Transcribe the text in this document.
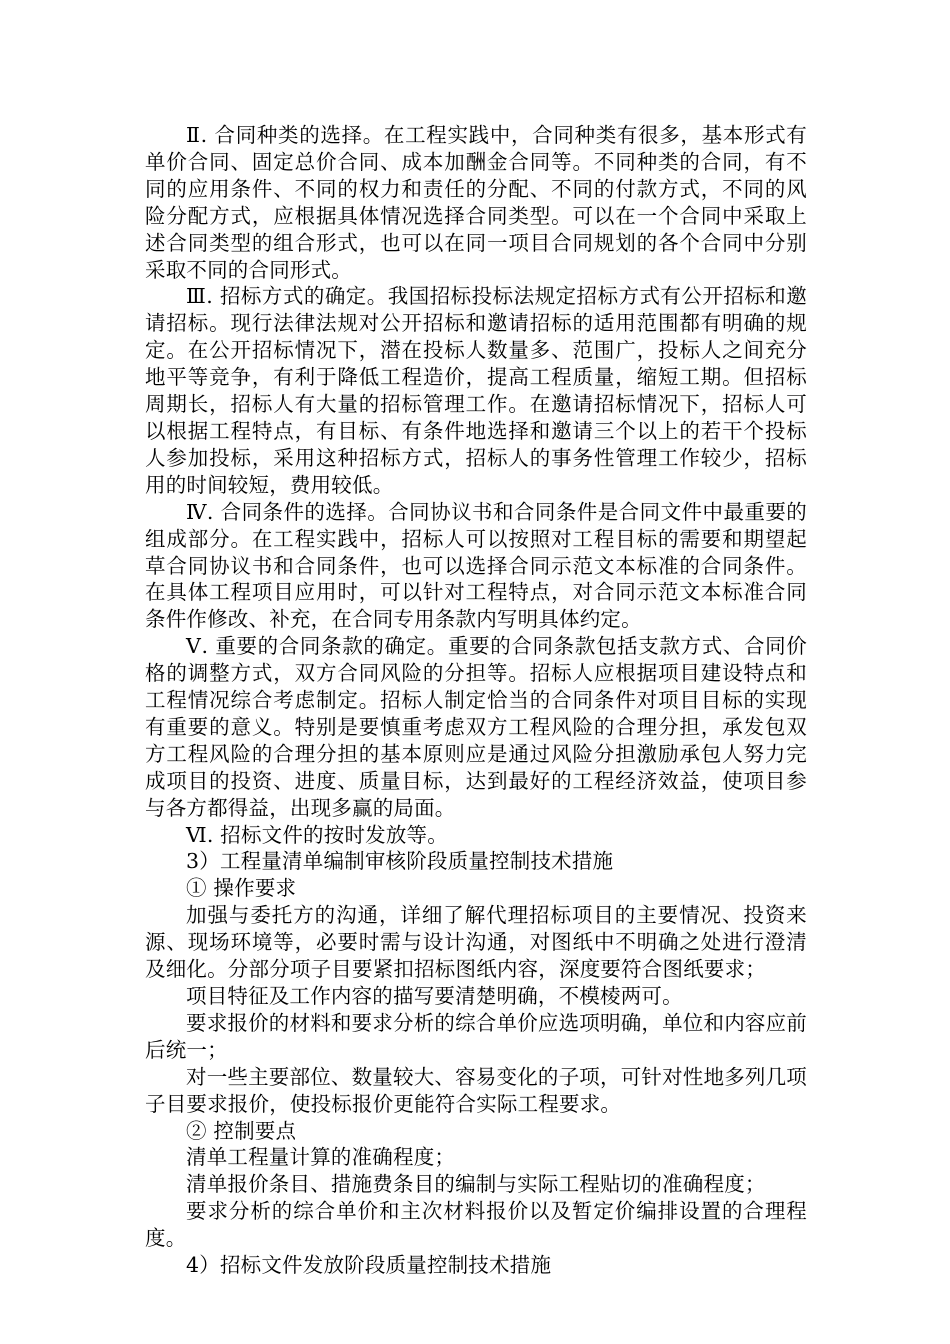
Ⅱ. 合同种类的选择。在工程实践中，合同种类有很多，基本形式有单价合同、固定总价合同、成本加酬金合同等。不同种类的合同，有不同的应用条件、不同的权力和责任的分配、不同的付款方式，不同的风险分配方式，应根据具体情况选择合同类型。可以在一个合同中采取上述合同类型的组合形式，也可以在同一项目合同规划的各个合同中分别采取不同的合同形式。

Ⅲ. 招标方式的确定。我国招标投标法规定招标方式有公开招标和邀请招标。现行法律法规对公开招标和邀请招标的适用范围都有明确的规定。在公开招标情况下，潜在投标人数量多、范围广，投标人之间充分地平等竞争，有利于降低工程造价，提高工程质量，缩短工期。但招标周期长，招标人有大量的招标管理工作。在邀请招标情况下，招标人可以根据工程特点，有目标、有条件地选择和邀请三个以上的若干个投标人参加投标，采用这种招标方式，招标人的事务性管理工作较少，招标用的时间较短，费用较低。

Ⅳ. 合同条件的选择。合同协议书和合同条件是合同文件中最重要的组成部分。在工程实践中，招标人可以按照对工程目标的需要和期望起草合同协议书和合同条件，也可以选择合同示范文本标准的合同条件。在具体工程项目应用时，可以针对工程特点，对合同示范文本标准合同条件作修改、补充，在合同专用条款内写明具体约定。

Ⅴ. 重要的合同条款的确定。重要的合同条款包括支款方式、合同价格的调整方式，双方合同风险的分担等。招标人应根据项目建设特点和工程情况综合考虑制定。招标人制定恰当的合同条件对项目目标的实现有重要的意义。特别是要慎重考虑双方工程风险的合理分担，承发包双方工程风险的合理分担的基本原则应是通过风险分担激励承包人努力完成项目的投资、进度、质量目标，达到最好的工程经济效益，使项目参与各方都得益，出现多赢的局面。

Ⅵ. 招标文件的按时发放等。

3）工程量清单编制审核阶段质量控制技术措施

① 操作要求

加强与委托方的沟通，详细了解代理招标项目的主要情况、投资来源、现场环境等，必要时需与设计沟通，对图纸中不明确之处进行澄清及细化。分部分项子目要紧扣招标图纸内容，深度要符合图纸要求；

项目特征及工作内容的描写要清楚明确，不模棱两可。

要求报价的材料和要求分析的综合单价应选项明确，单位和内容应前后统一；

对一些主要部位、数量较大、容易变化的子项，可针对性地多列几项子目要求报价，使投标报价更能符合实际工程要求。

② 控制要点

清单工程量计算的准确程度；

清单报价条目、措施费条目的编制与实际工程贴切的准确程度；

要求分析的综合单价和主次材料报价以及暂定价编排设置的合理程度。

4）招标文件发放阶段质量控制技术措施
